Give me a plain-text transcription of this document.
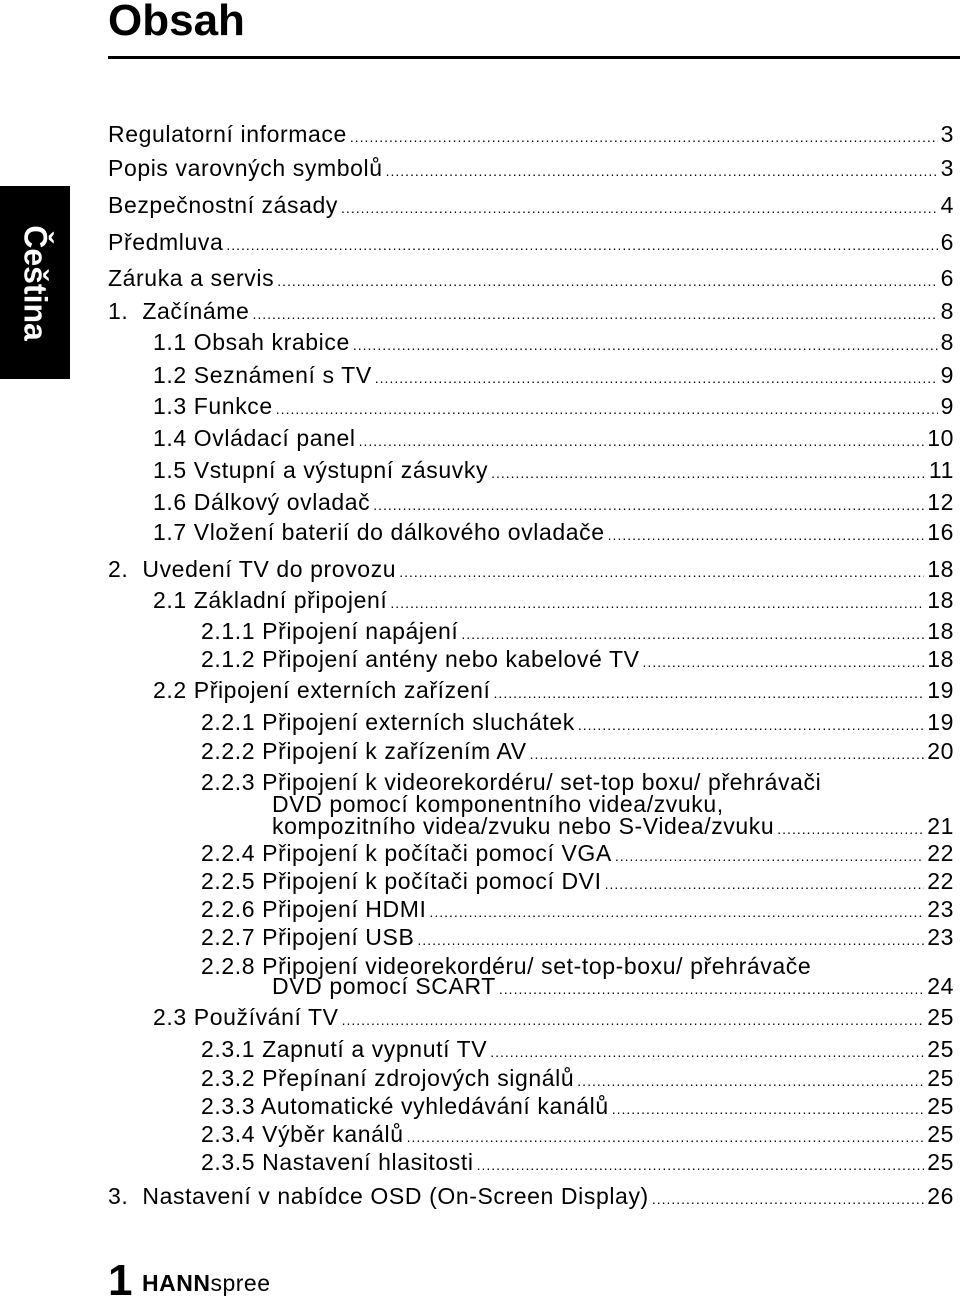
Obsah
Čeština
Regulatorní informace .....	3
Popis varovných symbolů .....	3
Bezpečnostní zásady .....	4
Předmluva .....	6
Záruka a servis .....	6
1.  Začínáme .....	8
1.1 Obsah krabice .....	8
1.2 Seznámení s TV .....	9
1.3 Funkce .....	9
1.4 Ovládací panel .....	10
1.5 Vstupní a výstupní zásuvky .....	11
1.6 Dálkový ovladač .....	12
1.7 Vložení baterií do dálkového ovladače .....	16
2.  Uvedení TV do provozu .....	18
2.1 Základní připojení .....	18
2.1.1 Připojení napájení .....	18
2.1.2 Připojení antény nebo kabelové TV .....	18
2.2 Připojení externích zařízení .....	19
2.2.1 Připojení externích sluchátek .....	19
2.2.2 Připojení k zařízením AV .....	20
2.2.3 Připojení k videorekordéru/ set-top boxu/ přehrávači
DVD pomocí komponentního videa/zvuku,
kompozitního videa/zvuku nebo S-Videa/zvuku .....	21
2.2.4 Připojení k počítači pomocí VGA .....	22
2.2.5 Připojení k počítači pomocí DVI .....	22
2.2.6 Připojení HDMI .....	23
2.2.7 Připojení USB .....	23
2.2.8 Připojení videorekordéru/ set-top-boxu/ přehrávače
DVD pomocí SCART .....	24
2.3 Používání TV .....	25
2.3.1 Zapnutí a vypnutí TV .....	25
2.3.2 Přepínaní zdrojových signálů .....	25
2.3.3 Automatické vyhledávání kanálů .....	25
2.3.4 Výběr kanálů .....	25
2.3.5 Nastavení hlasitosti .....	25
3.  Nastavení v nabídce OSD (On-Screen Display) .....	26
1 HANNspree
